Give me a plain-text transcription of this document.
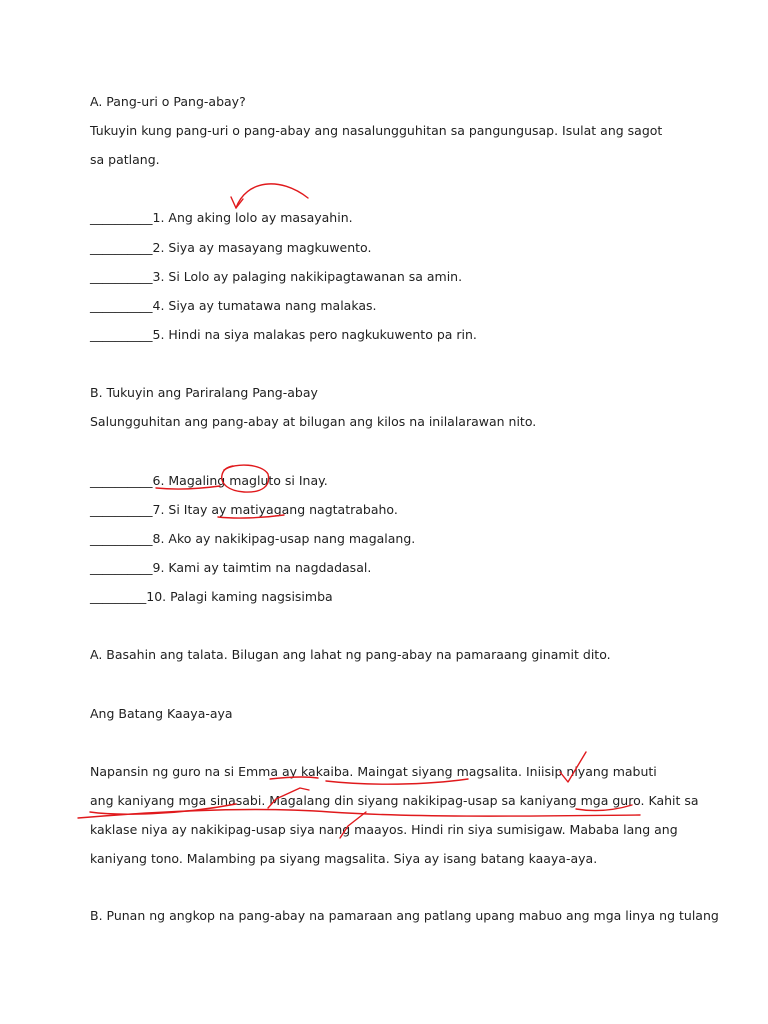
A. Pang-uri o Pang-abay?
Tukuyin kung pang-uri o pang-abay ang nasalungguhitan sa pangungusap. Isulat ang sagot
sa patlang.
__________1. Ang aking lolo ay masayahin.
__________2. Siya ay masayang magkuwento.
__________3. Si Lolo ay palaging nakikipagtawanan sa amin.
__________4. Siya ay tumatawa nang malakas.
__________5. Hindi na siya malakas pero nagkukuwento pa rin.
B. Tukuyin ang Pariralang Pang-abay
Salungguhitan ang pang-abay at bilugan ang kilos na inilalarawan nito.
__________6. Magaling magluto si Inay.
__________7. Si Itay ay matiyagang nagtatrabaho.
__________8. Ako ay nakikipag-usap nang magalang.
__________9. Kami ay taimtim na nagdadasal.
_________10. Palagi kaming nagsisimba
A. Basahin ang talata. Bilugan ang lahat ng pang-abay na pamaraang ginamit dito.
Ang Batang Kaaya-aya
Napansin ng guro na si Emma ay kakaiba. Maingat siyang magsalita. Iniisip niyang mabuti
ang kaniyang mga sinasabi. Magalang din siyang nakikipag-usap sa kaniyang mga guro. Kahit sa
kaklase niya ay nakikipag-usap siya nang maayos. Hindi rin siya sumisigaw. Mababa lang ang
kaniyang tono. Malambing pa siyang magsalita. Siya ay isang batang kaaya-aya.
B. Punan ng angkop na pang-abay na pamaraan ang patlang upang mabuo ang mga linya ng tulang
